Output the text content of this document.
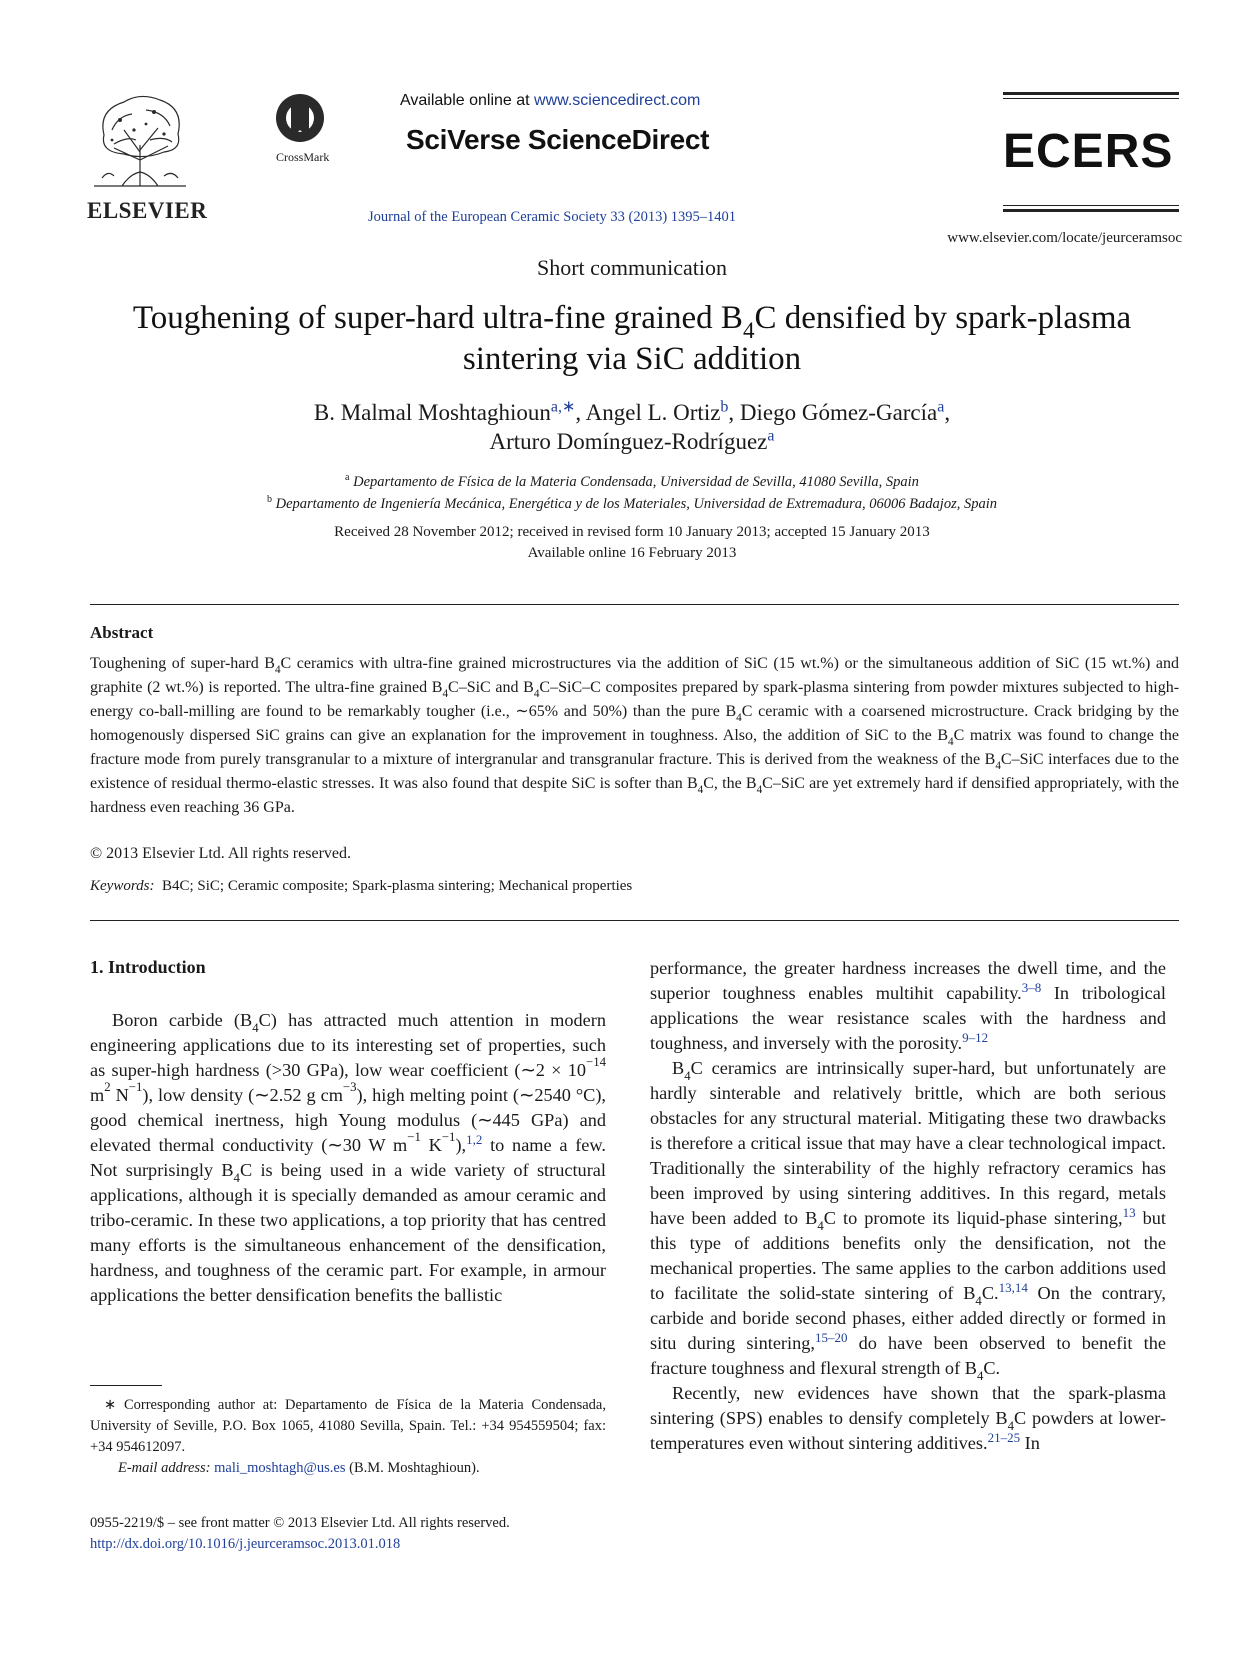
ELSEVIER
CrossMark
Available online at www.sciencedirect.com
SciVerse ScienceDirect
Journal of the European Ceramic Society 33 (2013) 1395–1401
ECERS
www.elsevier.com/locate/jeurceramsoc
Short communication
Toughening of super-hard ultra-fine grained $B_4C$ densified by spark-plasma
sintering via SiC addition
B. Malmal Moshtaghioun$^{a,∗}$, Angel L. Ortiz$^b$, Diego Gómez-García$^a$,
Arturo Domínguez-Rodríguez$^a$
$^a$ Departamento de Física de la Materia Condensada, Universidad de Sevilla, 41080 Sevilla, Spain
$^b$ Departamento de Ingeniería Mecánica, Energética y de los Materiales, Universidad de Extremadura, 06006 Badajoz, Spain
Received 28 November 2012; received in revised form 10 January 2013; accepted 15 January 2013
Available online 16 February 2013
Abstract
Toughening of super-hard $B_4C$ ceramics with ultra-fine grained microstructures via the addition of SiC (15 wt.%) or the simultaneous addition of SiC (15 wt.%) and graphite (2 wt.%) is reported. The ultra-fine grained $B_4C$–SiC and $B_4C-SiC-C$ composites prepared by spark-plasma sintering from powder mixtures subjected to high-energy co-ball-milling are found to be remarkably tougher (i.e., ∼65% and 50%) than the pure $B_4C$ ceramic with a coarsened microstructure. Crack bridging by the homogenously dispersed SiC grains can give an explanation for the improvement in toughness. Also, the addition of SiC to the $B_4C$ matrix was found to change the fracture mode from purely transgranular to a mixture of intergranular and transgranular fracture. This is derived from the weakness of the $B_4C$–SiC interfaces due to the existence of residual thermo-elastic stresses. It was also found that despite SiC is softer than $B_4C$, the $B_4C$–SiC are yet extremely hard if densified appropriately, with the hardness even reaching 36 GPa.
© 2013 Elsevier Ltd. All rights reserved.
Keywords: B4C; SiC; Ceramic composite; Spark-plasma sintering; Mechanical properties
1. Introduction

Boron carbide $(B_4C)$ has attracted much attention in modern engineering applications due to its interesting set of properties, such as super-high hardness (>30 GPa), low wear coefficient (∼2 × $10^{-14}$ $m^2$ $N^{-1}$), low density (∼2.52 g $cm^{-3}$), high melting point (∼2540 °C), good chemical inertness, high Young modulus (∼445 GPa) and elevated thermal conductivity (∼30 W $m^{-1}$ $K^{-1}),^{1,2}$ to name a few. Not surprisingly $B_4C$ is being used in a wide variety of structural applications, although it is specially demanded as amour ceramic and tribo-ceramic. In these two applications, a top priority that has centred many efforts is the simultaneous enhancement of the densification, hardness, and toughness of the ceramic part. For example, in armour applications the better densification benefits the ballistic

performance, the greater hardness increases the dwell time, and the superior toughness enables multihit capability.$^{3-8}$ In tribological applications the wear resistance scales with the hardness and toughness, and inversely with the porosity.$^{9-12}$

$B_4C$ ceramics are intrinsically super-hard, but unfortunately are hardly sinterable and relatively brittle, which are both serious obstacles for any structural material. Mitigating these two drawbacks is therefore a critical issue that may have a clear technological impact. Traditionally the sinterability of the highly refractory ceramics has been improved by using sintering additives. In this regard, metals have been added to $B_4C$ to promote its liquid-phase sintering,$^{13}$ but this type of additions benefits only the densification, not the mechanical properties. The same applies to the carbon additions used to facilitate the solid-state sintering of $B_4C.^{13,14}$ On the contrary, carbide and boride second phases, either added directly or formed in situ during sintering,$^{15-20}$ do have been observed to benefit the fracture toughness and flexural strength of $B_4C$.

Recently, new evidences have shown that the spark-plasma sintering (SPS) enables to densify completely $B_4C$ powders at lower-temperatures even without sintering additives.$^{21-25}$ In

∗ Corresponding author at: Departamento de Física de la Materia Condensada, University of Seville, P.O. Box 1065, 41080 Sevilla, Spain. Tel.: +34 954559504; fax: +34 954612097.

E-mail address: mali_moshtagh@us.es (B.M. Moshtaghioun).

0955-2219/$ – see front matter © 2013 Elsevier Ltd. All rights reserved.
http://dx.doi.org/10.1016/j.jeurceramsoc.2013.01.018
